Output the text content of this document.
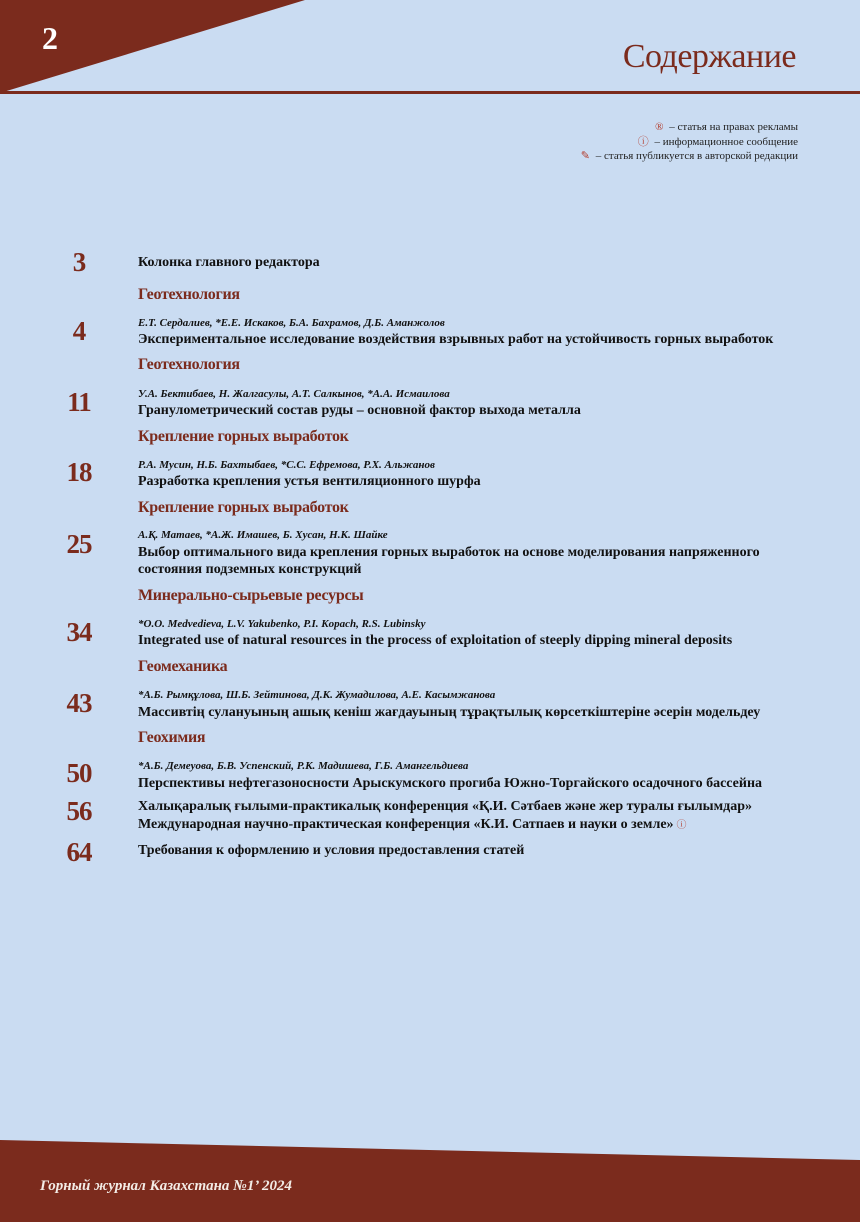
2	Содержание
® – статья на правах рекламы
ⓘ – информационное сообщение
✎ – статья публикуется в авторской редакции
3	Колонка главного редактора
Геотехнология
4	Е.Т. Сердалиев, *Е.Е. Искаков, Б.А. Бахрамов, Д.Б. Аманжолов
Экспериментальное исследование воздействия взрывных работ на устойчивость горных выработок
Геотехнология
11	У.А. Бектибаев, Н. Жалгасулы, А.Т. Салкынов, *А.А. Исмаилова
Гранулометрический состав руды – основной фактор выхода металла
Крепление горных выработок
18	Р.А. Мусин, Н.Б. Бахтыбаев, *С.С. Ефремова, Р.Х. Альжанов
Разработка крепления устья вентиляционного шурфа
Крепление горных выработок
25	А.Қ. Матаев, *А.Ж. Имашев, Б. Хусан, Н.К. Шайке
Выбор оптимального вида крепления горных выработок на основе моделирования напряженного состояния подземных конструкций
Минерально-сырьевые ресурсы
34	*O.O. Medvedieva, L.V. Yakubenko, P.I. Kopach, R.S. Lubinsky
Integrated use of natural resources in the process of exploitation of steeply dipping mineral deposits
Геомеханика
43	*А.Б. Рымқұлова, Ш.Б. Зейтинова, Д.К. Жумадилова, А.Е. Касымжанова
Массивтің сулануының ашық кеніш жағдауының тұрақтылық көрсеткіштеріне әсерін модельдеу
Геохимия
50	*А.Б. Демеуова, Б.В. Успенский, Р.К. Мадишева, Г.Б. Амангельдиева
Перспективы нефтегазоносности Арыскумского прогиба Южно-Торгайского осадочного бассейна
56	Халықаралық ғылыми-практикалық конференция «Қ.И. Сәтбаев және жер туралы ғылымдар»
Международная научно-практическая конференция «К.И. Сатпаев и науки о земле» ⓘ
64	Требования к оформлению и условия предоставления статей
Горный журнал Казахстана №1’ 2024
